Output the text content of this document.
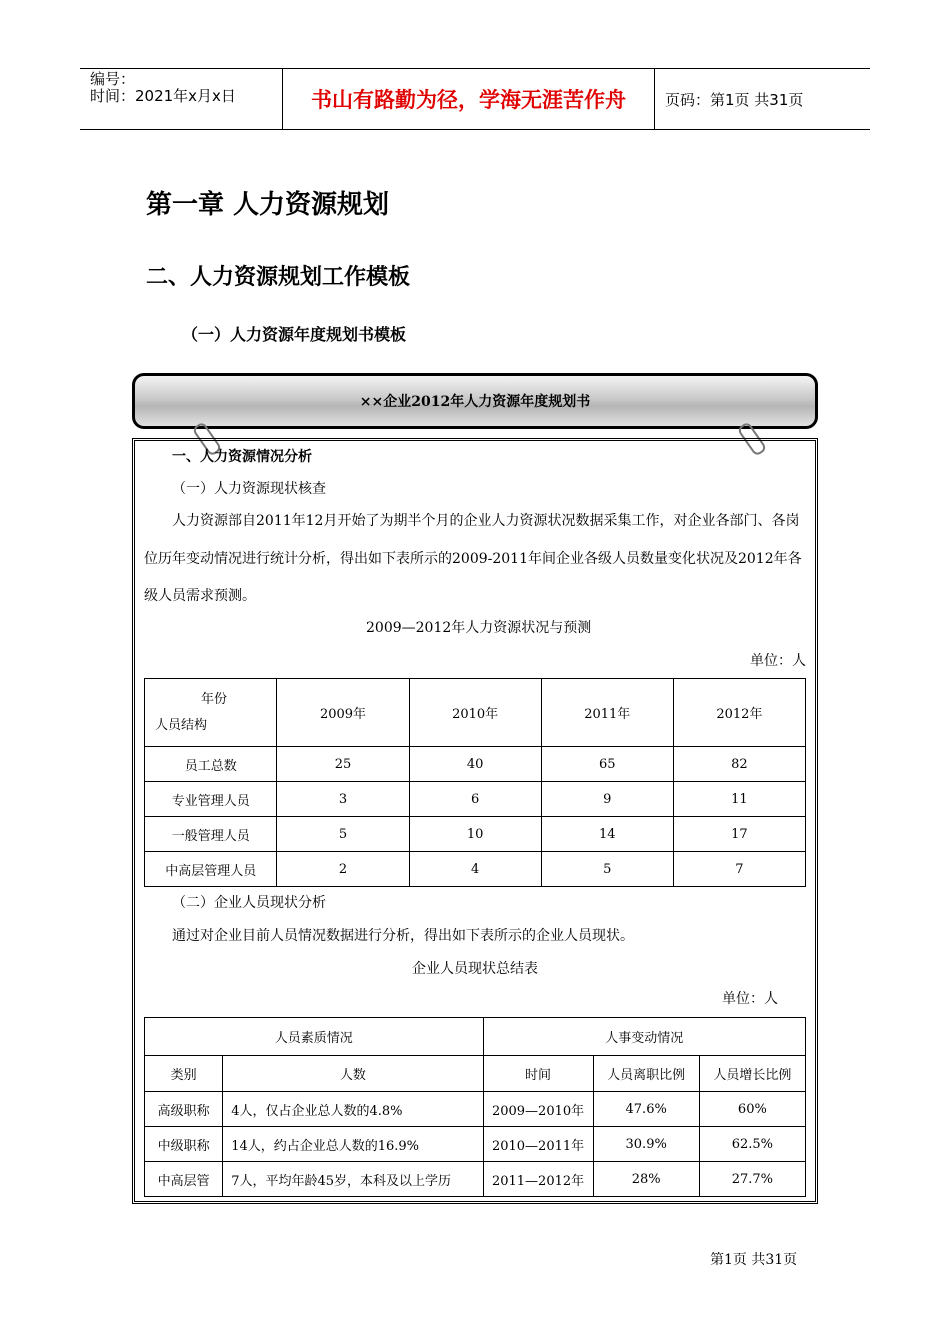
编号：
时间：2021年x月x日	书山有路勤为径，学海无涯苦作舟	页码：第1页 共31页
第一章 人力资源规划
二、人力资源规划工作模板
（一）人力资源年度规划书模板
××企业2012年人力资源年度规划书
一、人力资源情况分析
（一）人力资源现状核查
人力资源部自2011年12月开始了为期半个月的企业人力资源状况数据采集工作，对企业各部门、各岗
位历年变动情况进行统计分析，得出如下表所示的2009-2011年间企业各级人员数量变化状况及2012年各
级人员需求预测。
2009—2012年人力资源状况与预测
单位：人
年份
人员结构	2009年	2010年	2011年	2012年
员工总数	25	40	65	82
专业管理人员	3	6	9	11
一般管理人员	5	10	14	17
中高层管理人员	2	4	5	7
（二）企业人员现状分析
通过对企业目前人员情况数据进行分析，得出如下表所示的企业人员现状。
企业人员现状总结表
单位：人
人员素质情况		人事变动情况		
类别	人数	时间	人员离职比例	人员增长比例
高级职称	4人，仅占企业总人数的4.8%	2009—2010年	47.6%	60%
中级职称	14人，约占企业总人数的16.9%	2010—2011年	30.9%	62.5%
中高层管	7人，平均年龄45岁，本科及以上学历	2011—2012年	28%	27.7%
第1页 共31页
